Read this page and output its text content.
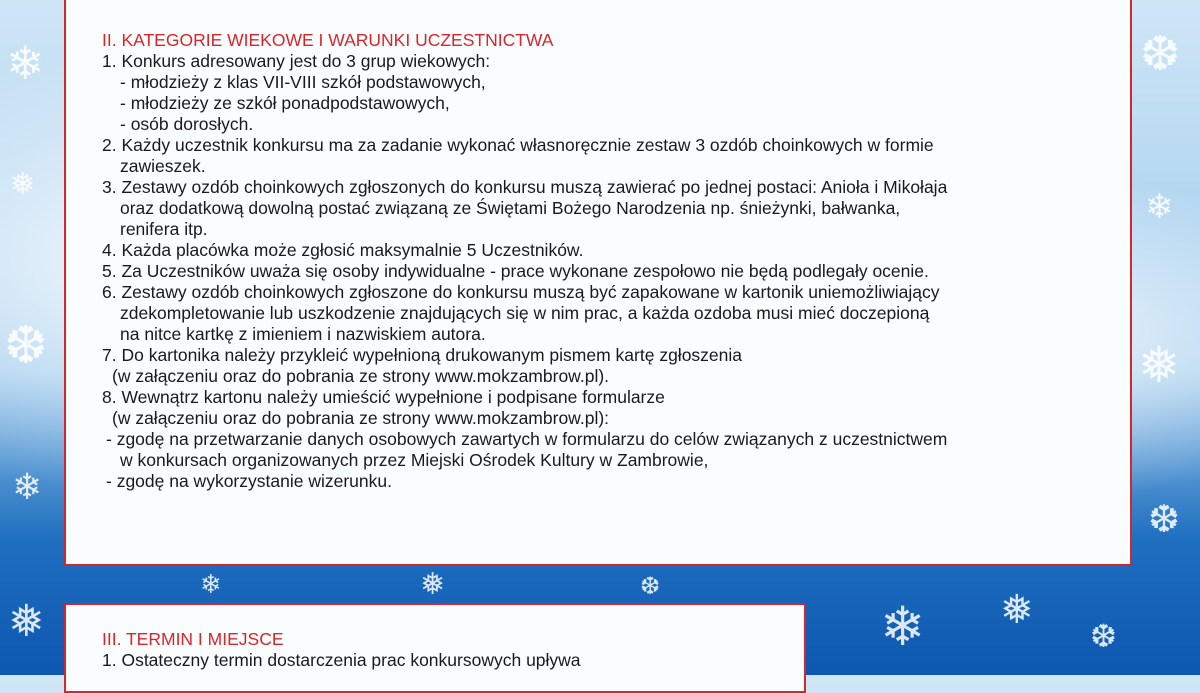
❄
❅
❆
❄
❅
❆
❄
❅
❆
❄ ❅
❆
❄	❅	❆
II. KATEGORIE WIEKOWE I WARUNKI UCZESTNICTWA
1. Konkurs adresowany jest do 3 grup wiekowych:
- młodzieży z klas VII-VIII szkół podstawowych,
- młodzieży ze szkół ponadpodstawowych,
- osób dorosłych.
2. Każdy uczestnik konkursu ma za zadanie wykonać własnoręcznie zestaw 3 ozdób choinkowych w formie
zawieszek.
3. Zestawy ozdób choinkowych zgłoszonych do konkursu muszą zawierać po jednej postaci: Anioła i Mikołaja
oraz dodatkową dowolną postać związaną ze Świętami Bożego Narodzenia np. śnieżynki, bałwanka,
renifera itp.
4. Każda placówka może zgłosić maksymalnie 5 Uczestników.
5. Za Uczestników uważa się osoby indywidualne - prace wykonane zespołowo nie będą podlegały ocenie.
6. Zestawy ozdób choinkowych zgłoszone do konkursu muszą być zapakowane w kartonik uniemożliwiający
zdekompletowanie lub uszkodzenie znajdujących się w nim prac, a każda ozdoba musi mieć doczepioną
na nitce kartkę z imieniem i nazwiskiem autora.
7. Do kartonika należy przykleić wypełnioną drukowanym pismem kartę zgłoszenia
(w załączeniu oraz do pobrania ze strony www.mokzambrow.pl).
8. Wewnątrz kartonu należy umieścić wypełnione i podpisane formularze
(w załączeniu oraz do pobrania ze strony www.mokzambrow.pl):
- zgodę na przetwarzanie danych osobowych zawartych w formularzu do celów związanych z uczestnictwem
w konkursach organizowanych przez Miejski Ośrodek Kultury w Zambrowie,
- zgodę na wykorzystanie wizerunku.
III. TERMIN I MIEJSCE
1. Ostateczny termin dostarczenia prac konkursowych upływa
